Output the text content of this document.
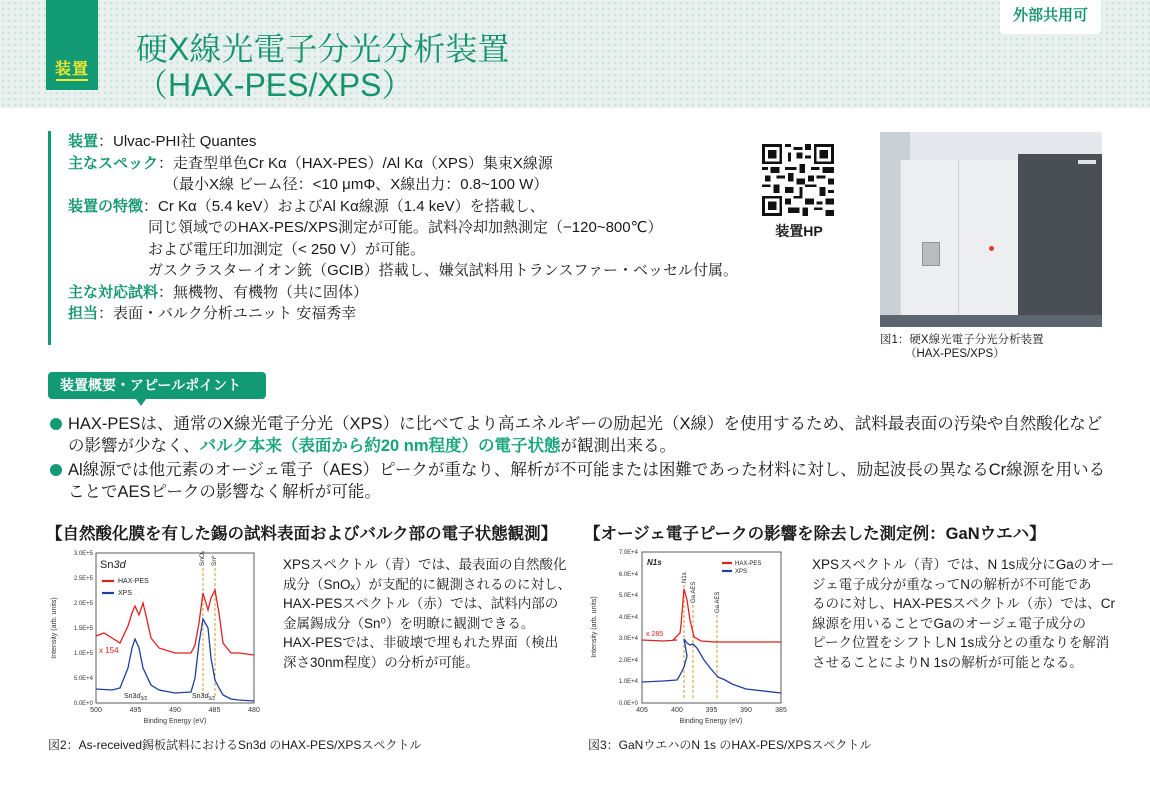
装置
硬X線光電子分光分析装置
（HAX-PES/XPS）
外部共用可
装置：Ulvac-PHI社 Quantes
主なスペック：走査型単色Cr Kα（HAX-PES）/Al Kα（XPS）集束X線源
（最小X線 ビーム径：<10 μmΦ、X線出力：0.8~100 W）
装置の特徴：Cr Kα（5.4 keV）およびAl Kα線源（1.4 keV）を搭載し、
同じ領域でのHAX-PES/XPS測定が可能。試料冷却加熱測定（−120~800℃）
および電圧印加測定（< 250 V）が可能。
ガスクラスターイオン銃（GCIB）搭載し、嫌気試料用トランスファー・ベッセル付属。
主な対応試料：無機物、有機物（共に固体）
担当：表面・バルク分析ユニット 安福秀幸
装置HP
図1：硬X線光電子分光分析装置
（HAX-PES/XPS）
装置概要・アピールポイント
HAX-PESは、通常のX線光電子分光（XPS）に比べてより高エネルギーの励起光（X線）を使用するため、試料最表面の汚染や自然酸化など
の影響が少なく、バルク本来（表面から約20 nm程度）の電子状態が観測出来る。
Al線源では他元素のオージェ電子（AES）ピークが重なり、解析が不可能または困難であった材料に対し、励起波長の異なるCr線源を用いる
ことでAESピークの影響なく解析が可能。
【自然酸化膜を有した錫の試料表面およびバルク部の電子状態観測】 【オージェ電子ピークの影響を除去した測定例：GaNウエハ】
0.0E+0
5.0E+4
1.0E+5
1.5E+5
2.0E+5
2.5E+5
3.0E+5
500	495	490	485	480
Binding Energy (eV)
Intensity (arb. units)
Sn3d
HAX-PES
XPS
x 154
SnOₓ Sn⁰
$Sn3d_{3/2}$	$Sn3d_{5/2}$
XPSスペクトル（青）では、最表面の自然酸化
成分（SnOₓ）が支配的に観測されるのに対し、
HAX-PESスペクトル（赤）では、試料内部の
金属錫成分（Sn⁰）を明瞭に観測できる。
HAX-PESでは、非破壊で埋もれた界面（検出
深さ30nm程度）の分析が可能。
0.0E+0
1.0E+4
2.0E+4
3.0E+4
4.0E+4
5.0E+4
6.0E+4
7.0E+4
405	400	395	390	385
Binding Energy (eV)
Intensity (arb. units)
N1s	HAX-PES
XPS
x 285
N1s
Ga AES	Ga AES
XPSスペクトル（青）では、N 1s成分にGaのオー
ジェ電子成分が重なってNの解析が不可能であ
るのに対し、HAX-PESスペクトル（赤）では、Cr
線源を用いることでGaのオージェ電子成分の
ピーク位置をシフトしN 1s成分との重なりを解消
させることによりN 1sの解析が可能となる。
図2：As-received錫板試料におけるSn3d のHAX-PES/XPSスペクトル	図3：GaNウエハのN 1s のHAX-PES/XPSスペクトル
